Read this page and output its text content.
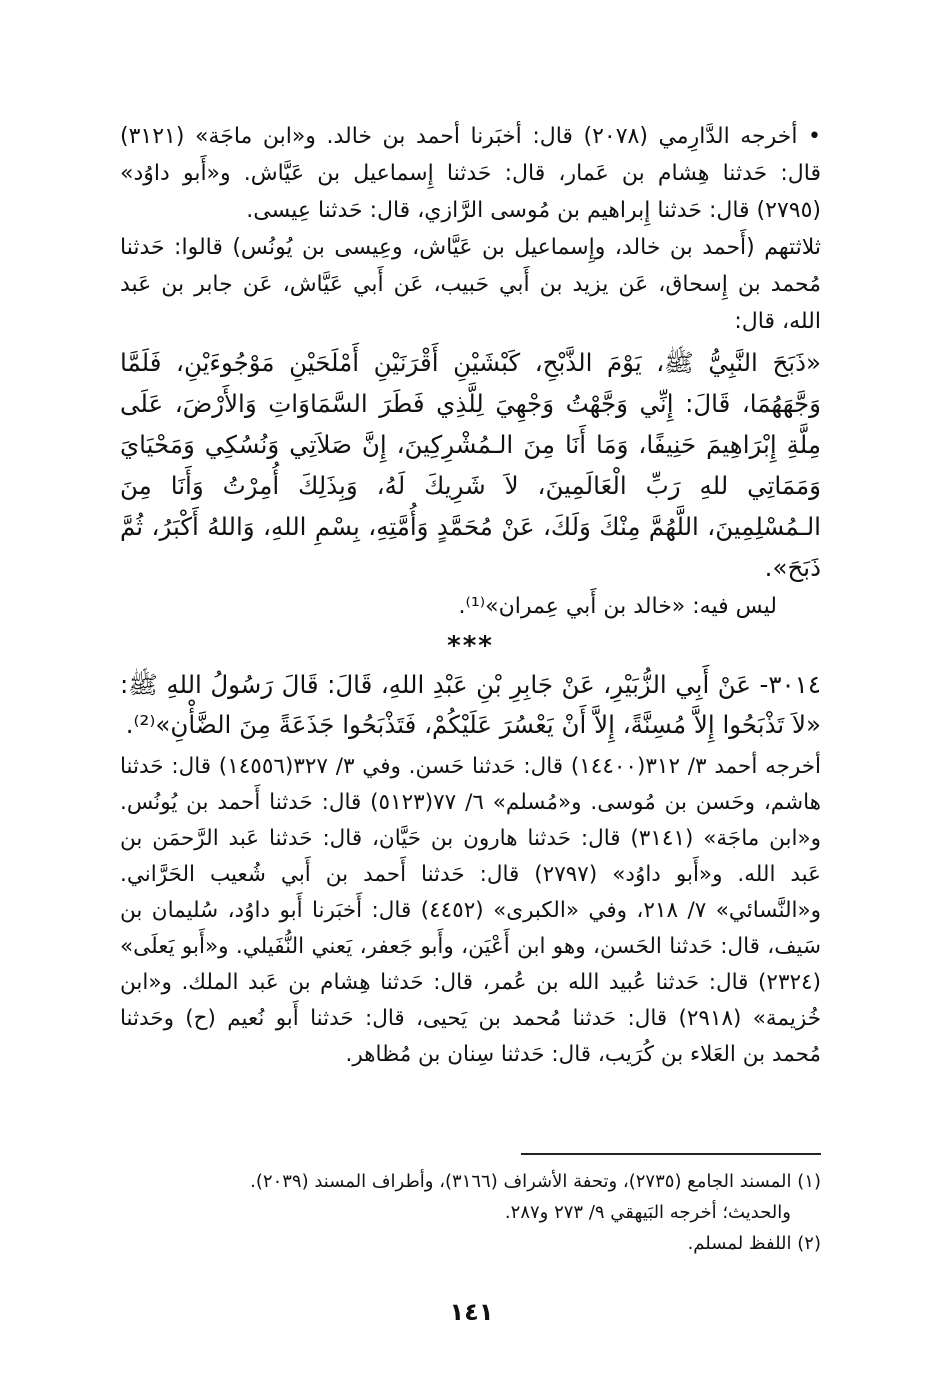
• أخرجه الدَّارِمي (٢٠٧٨) قال: أخبَرنا أحمد بن خالد. و«ابن ماجَة» (٣١٢١) قال: حَدثنا هِشام بن عَمار، قال: حَدثنا إِسماعيل بن عَيَّاش. و«أَبو داوُد» (٢٧٩٥) قال: حَدثنا إِبراهيم بن مُوسى الرَّازي، قال: حَدثنا عِيسى.

ثلاثتهم (أَحمد بن خالد، وإِسماعيل بن عَيَّاش، وعِيسى بن يُونُس) قالوا: حَدثنا مُحمد بن إِسحاق، عَن يزيد بن أَبي حَبيب، عَن أَبي عَيَّاش، عَن جابر بن عَبد الله، قال:

«ذَبَحَ النَّبِيُّ ﷺ، يَوْمَ الذَّبْحِ، كَبْشَيْنِ أَقْرَنَيْنِ أَمْلَحَيْنِ مَوْجُوءَيْنِ، فَلَمَّا وَجَّهَهُمَا، قَالَ: إِنِّي وَجَّهْتُ وَجْهِيَ لِلَّذِي فَطَرَ السَّمَاوَاتِ وَالأَرْضَ، عَلَى مِلَّةِ إِبْرَاهِيمَ حَنِيفًا، وَمَا أَنَا مِنَ الـمُشْرِكِينَ، إِنَّ صَلاَتِي وَنُسُكِي وَمَحْيَايَ وَمَمَاتِي للهِ رَبِّ الْعَالَمِينَ، لاَ شَرِيكَ لَهُ، وَبِذَلِكَ أُمِرْتُ وَأَنَا مِنَ الـمُسْلِمِينَ، اللَّهُمَّ مِنْكَ وَلَكَ، عَنْ مُحَمَّدٍ وَأُمَّتِهِ، بِسْمِ اللهِ، وَاللهُ أَكْبَرُ، ثُمَّ ذَبَحَ».

ليس فيه: «خالد بن أَبي عِمران»⁽¹⁾.

***

٣٠١٤- عَنْ أَبِي الزُّبَيْرِ، عَنْ جَابِرِ بْنِ عَبْدِ اللهِ، قَالَ: قَالَ رَسُولُ اللهِ ﷺ: «لاَ تَذْبَحُوا إِلاَّ مُسِنَّةً، إِلاَّ أَنْ يَعْسُرَ عَلَيْكُمْ، فَتَذْبَحُوا جَذَعَةً مِنَ الضَّأْنِ»⁽²⁾.

أخرجه أحمد ٣/ ٣١٢(١٤٤٠٠) قال: حَدثنا حَسن. وفي ٣/ ٣٢٧(١٤٥٥٦) قال: حَدثنا هاشم، وحَسن بن مُوسى. و«مُسلم» ٦/ ٧٧(٥١٢٣) قال: حَدثنا أَحمد بن يُونُس. و«ابن ماجَة» (٣١٤١) قال: حَدثنا هارون بن حَيَّان، قال: حَدثنا عَبد الرَّحمَن بن عَبد الله. و«أَبو داوُد» (٢٧٩٧) قال: حَدثنا أَحمد بن أَبي شُعيب الحَرَّاني. و«النَّسائي» ٧/ ٢١٨، وفي «الكبرى» (٤٤٥٢) قال: أَخبَرنا أَبو داوُد، سُليمان بن سَيف، قال: حَدثنا الحَسن، وهو ابن أَعْيَن، وأَبو جَعفر، يَعني النُّفَيلي. و«أَبو يَعلَى» (٢٣٢٤) قال: حَدثنا عُبيد الله بن عُمر، قال: حَدثنا هِشام بن عَبد الملك. و«ابن خُزيمة» (٢٩١٨) قال: حَدثنا مُحمد بن يَحيى، قال: حَدثنا أَبو نُعيم (ح) وحَدثنا مُحمد بن العَلاء بن كُرَيب، قال: حَدثنا سِنان بن مُظاهر.

(١) المسند الجامع (٢٧٣٥)، وتحفة الأشراف (٣١٦٦)، وأطراف المسند (٢٠٣٩).

والحديث؛ أخرجه البَيهقي ٩/ ٢٧٣ و٢٨٧.

(٢) اللفظ لمسلم.

١٤١
